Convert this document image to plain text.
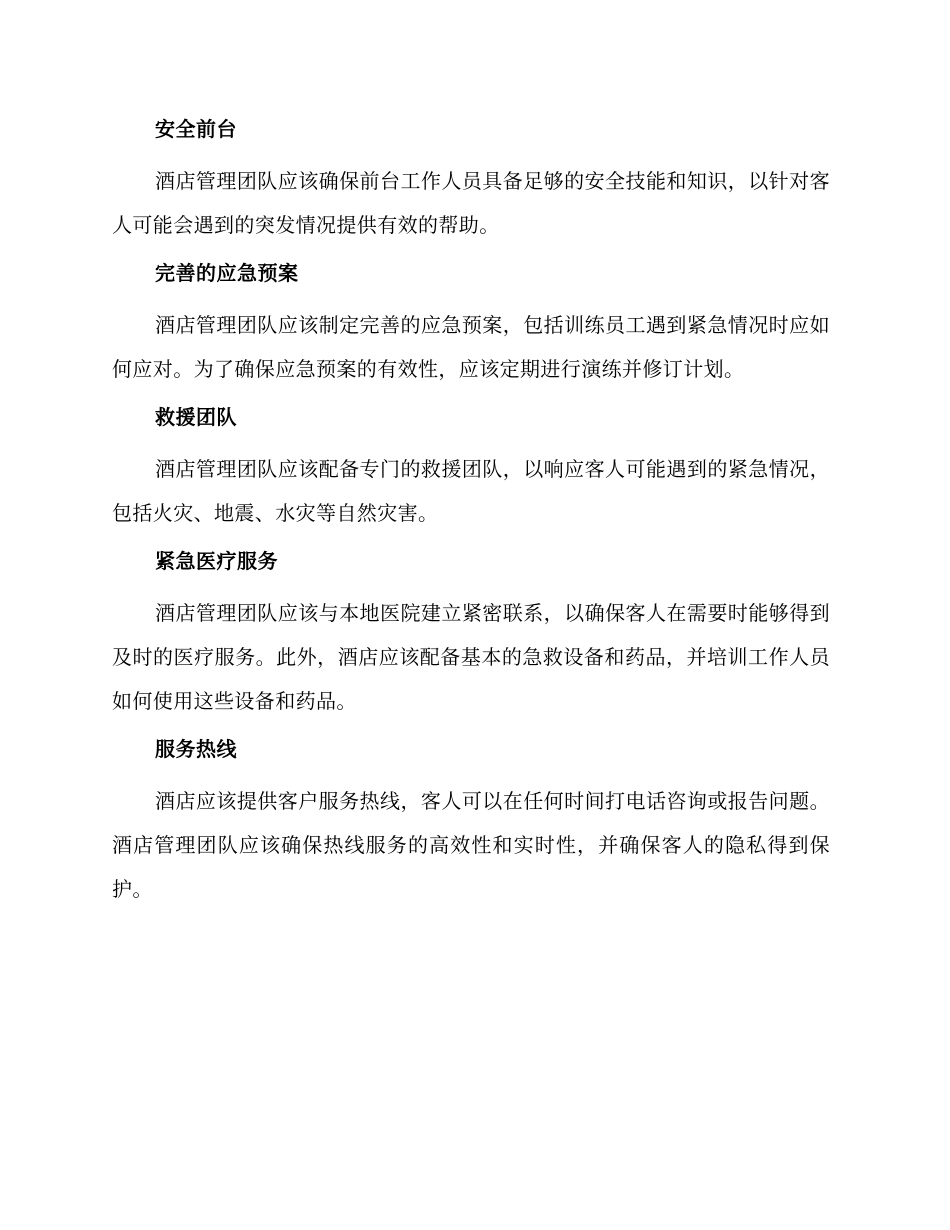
安全前台

酒店管理团队应该确保前台工作人员具备足够的安全技能和知识，以针对客人可能会遇到的突发情况提供有效的帮助。

完善的应急预案

酒店管理团队应该制定完善的应急预案，包括训练员工遇到紧急情况时应如何应对。为了确保应急预案的有效性，应该定期进行演练并修订计划。

救援团队

酒店管理团队应该配备专门的救援团队，以响应客人可能遇到的紧急情况，包括火灾、地震、水灾等自然灾害。

紧急医疗服务

酒店管理团队应该与本地医院建立紧密联系，以确保客人在需要时能够得到及时的医疗服务。此外，酒店应该配备基本的急救设备和药品，并培训工作人员如何使用这些设备和药品。

服务热线

酒店应该提供客户服务热线，客人可以在任何时间打电话咨询或报告问题。酒店管理团队应该确保热线服务的高效性和实时性，并确保客人的隐私得到保护。
